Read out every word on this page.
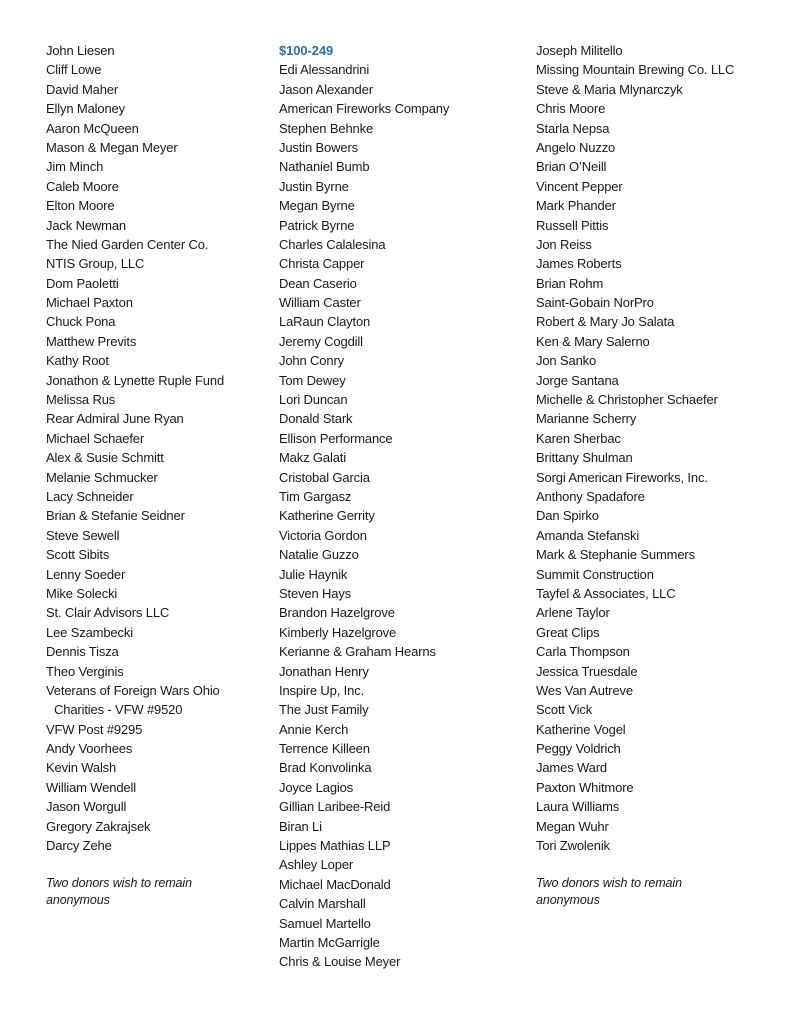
John Liesen
Cliff Lowe
David Maher
Ellyn Maloney
Aaron McQueen
Mason & Megan Meyer
Jim Minch
Caleb Moore
Elton Moore
Jack Newman
The Nied Garden Center Co.
NTIS Group, LLC
Dom Paoletti
Michael Paxton
Chuck Pona
Matthew Previts
Kathy Root
Jonathon & Lynette Ruple Fund
Melissa Rus
Rear Admiral June Ryan
Michael Schaefer
Alex & Susie Schmitt
Melanie Schmucker
Lacy Schneider
Brian & Stefanie Seidner
Steve Sewell
Scott Sibits
Lenny Soeder
Mike Solecki
St. Clair Advisors LLC
Lee Szambecki
Dennis Tisza
Theo Verginis
Veterans of Foreign Wars Ohio
Charities - VFW #9520
VFW Post #9295
Andy Voorhees
Kevin Walsh
William Wendell
Jason Worgull
Gregory Zakrajsek
Darcy Zehe
Two donors wish to remain
anonymous
$100-249
Edi Alessandrini
Jason Alexander
American Fireworks Company
Stephen Behnke
Justin Bowers
Nathaniel Bumb
Justin Byrne
Megan Byrne
Patrick Byrne
Charles Calalesina
Christa Capper
Dean Caserio
William Caster
LaRaun Clayton
Jeremy Cogdill
John Conry
Tom Dewey
Lori Duncan
Donald Stark
Ellison Performance
Makz Galati
Cristobal Garcia
Tim Gargasz
Katherine Gerrity
Victoria Gordon
Natalie Guzzo
Julie Haynik
Steven Hays
Brandon Hazelgrove
Kimberly Hazelgrove
Kerianne & Graham Hearns
Jonathan Henry
Inspire Up, Inc.
The Just Family
Annie Kerch
Terrence Killeen
Brad Konvolinka
Joyce Lagios
Gillian Laribee-Reid
Biran Li
Lippes Mathias LLP
Ashley Loper
Michael MacDonald
Calvin Marshall
Samuel Martello
Martin McGarrigle
Chris & Louise Meyer
Joseph Militello
Missing Mountain Brewing Co. LLC
Steve & Maria Mlynarczyk
Chris Moore
Starla Nepsa
Angelo Nuzzo
Brian O’Neill
Vincent Pepper
Mark Phander
Russell Pittis
Jon Reiss
James Roberts
Brian Rohm
Saint-Gobain NorPro
Robert & Mary Jo Salata
Ken & Mary Salerno
Jon Sanko
Jorge Santana
Michelle & Christopher Schaefer
Marianne Scherry
Karen Sherbac
Brittany Shulman
Sorgi American Fireworks, Inc.
Anthony Spadafore
Dan Spirko
Amanda Stefanski
Mark & Stephanie Summers
Summit Construction
Tayfel & Associates, LLC
Arlene Taylor
Great Clips
Carla Thompson
Jessica Truesdale
Wes Van Autreve
Scott Vick
Katherine Vogel
Peggy Voldrich
James Ward
Paxton Whitmore
Laura Williams
Megan Wuhr
Tori Zwolenik
Two donors wish to remain
anonymous
